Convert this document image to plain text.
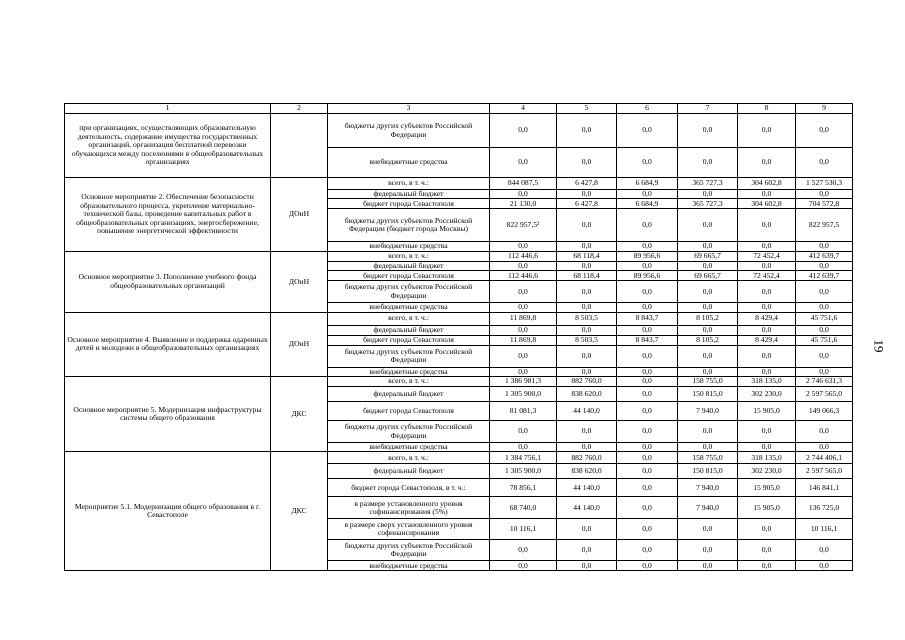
1	2	3	4	5	6	7	8	9
при организациях, осуществляющих образовательную деятельность, содержание имущества государственных организаций, организация бесплатной перевозки обучающихся между поселениями в общеобразовательных организациях		бюджеты других субъектов Российской Федерации	0,0	0,0	0,0	0,0	0,0	0,0
		внебюджетные средства	0,0	0,0	0,0	0,0	0,0	0,0
Основное мероприятие 2. Обеспечение безопасности образовательного процесса, укрепление материально-технической базы, проведение капитальных работ в общеобразовательных организациях, энергосбережение, повышение энергетической эффективности	ДОиН	всего, в т. ч.:	844 087,5	6 427,8	6 684,9	365 727,3	304 602,8	1 527 530,3
		федеральный бюджет	0,0	0,0	0,0	0,0	0,0	0,0
		бюджет города Севастополя	21 130,0	6 427,8	6 684,9	365 727,3	304 602,8	704 572,8
		бюджеты других субъектов Российской Федерации (бюджет города Москвы)	822 957,5²	0,0	0,0	0,0	0,0	822 957,5
		внебюджетные средства	0,0	0,0	0,0	0,0	0,0	0,0
Основное мероприятие 3. Пополнение учебного фонда общеобразовательных организаций	ДОиН	всего, в т. ч.:	112 446,6	68 118,4	89 956,6	69 665,7	72 452,4	412 639,7
		федеральный бюджет	0,0	0,0	0,0	0,0	0,0	0,0
		бюджет города Севастополя	112 446,6	68 118,4	89 956,6	69 665,7	72 452,4	412 639,7
		бюджеты других субъектов Российской Федерации	0,0	0,0	0,0	0,0	0,0	0,0
		внебюджетные средства	0,0	0,0	0,0	0,0	0,0	0,0
Основное мероприятие 4. Выявление и поддержка одаренных детей и молодежи в общеобразовательных организациях	ДОиН	всего, в т. ч.:	11 869,8	8 503,5	8 843,7	8 105,2	8 429,4	45 751,6
		федеральный бюджет	0,0	0,0	0,0	0,0	0,0	0,0
		бюджет города Севастополя	11 869,8	8 503,5	8 843,7	8 105,2	8 429,4	45 751,6
		бюджеты других субъектов Российской Федерации	0,0	0,0	0,0	0,0	0,0	0,0
		внебюджетные средства	0,0	0,0	0,0	0,0	0,0	0,0
Основное мероприятие 5. Модернизация инфраструктуры системы общего образования	ДКС	всего, в т. ч.:	1 386 981,3	882 760,0	0,0	158 755,0	318 135,0	2 746 631,3
		федеральный бюджет	1 305 900,0	838 620,0	0,0	150 815,0	302 230,0	2 597 565,0
		бюджет города Севастополя	81 081,3	44 140,0	0,0	7 940,0	15 905,0	149 066,3
		бюджеты других субъектов Российской Федерации	0,0	0,0	0,0	0,0	0,0	0,0
		внебюджетные средства	0,0	0,0	0,0	0,0	0,0	0,0
Мероприятие 5.1. Модернизация общего образования в г. Севастополе	ДКС	всего, в т. ч.:	1 384 756,1	882 760,0	0,0	158 755,0	318 135,0	2 744 406,1
		федеральный бюджет	1 305 900,0	838 620,0	0,0	150 815,0	302 230,0	2 597 565,0
		бюджет города Севастополя, в т. ч.:	78 856,1	44 140,0	0,0	7 940,0	15 905,0	146 841,1
		в размере установленного уровня софинансирования (5%)	68 740,0	44 140,0	0,0	7 940,0	15 905,0	136 725,0
		в размере сверх установленного уровня софинансирования	10 116,1	0,0	0,0	0,0	0,0	10 116,1
		бюджеты других субъектов Российской Федерации	0,0	0,0	0,0	0,0	0,0	0,0
		внебюджетные средства	0,0	0,0	0,0	0,0	0,0	0,0
19
